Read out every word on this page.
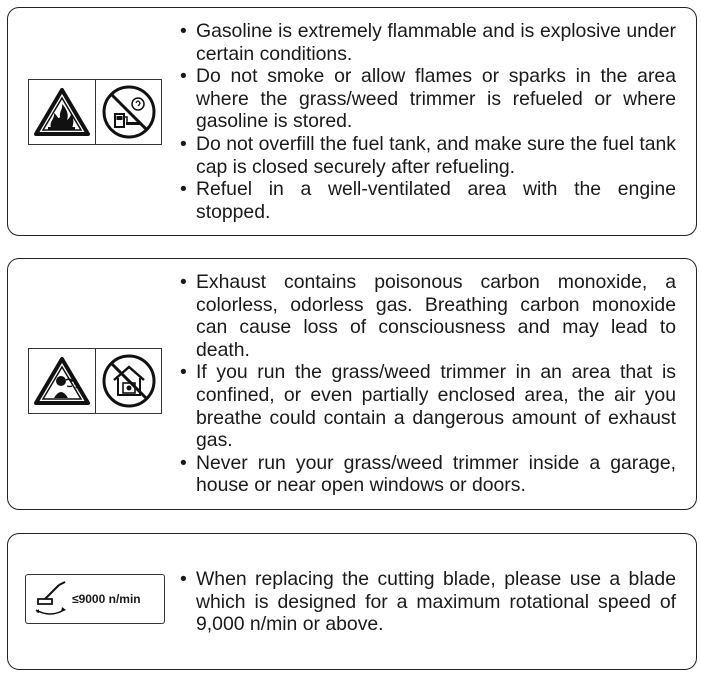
• Gasoline is extremely flammable and is explosive under certain conditions.
• Do not smoke or allow flames or sparks in the area where the grass/weed trimmer is refueled or where gasoline is stored.
• Do not overfill the fuel tank, and make sure the fuel tank cap is closed securely after refueling.
• Refuel in a well-ventilated area with the engine stopped.
• Exhaust contains poisonous carbon monoxide, a colorless, odorless gas. Breathing carbon monoxide can cause loss of consciousness and may lead to death.
• If you run the grass/weed trimmer in an area that is confined, or even partially enclosed area, the air you breathe could contain a dangerous amount of exhaust gas.
• Never run your grass/weed trimmer inside a garage, house or near open windows or doors.
≤9000 n/min
• When replacing the cutting blade, please use a blade which is designed for a maximum rotational speed of 9,000 n/min or above.
